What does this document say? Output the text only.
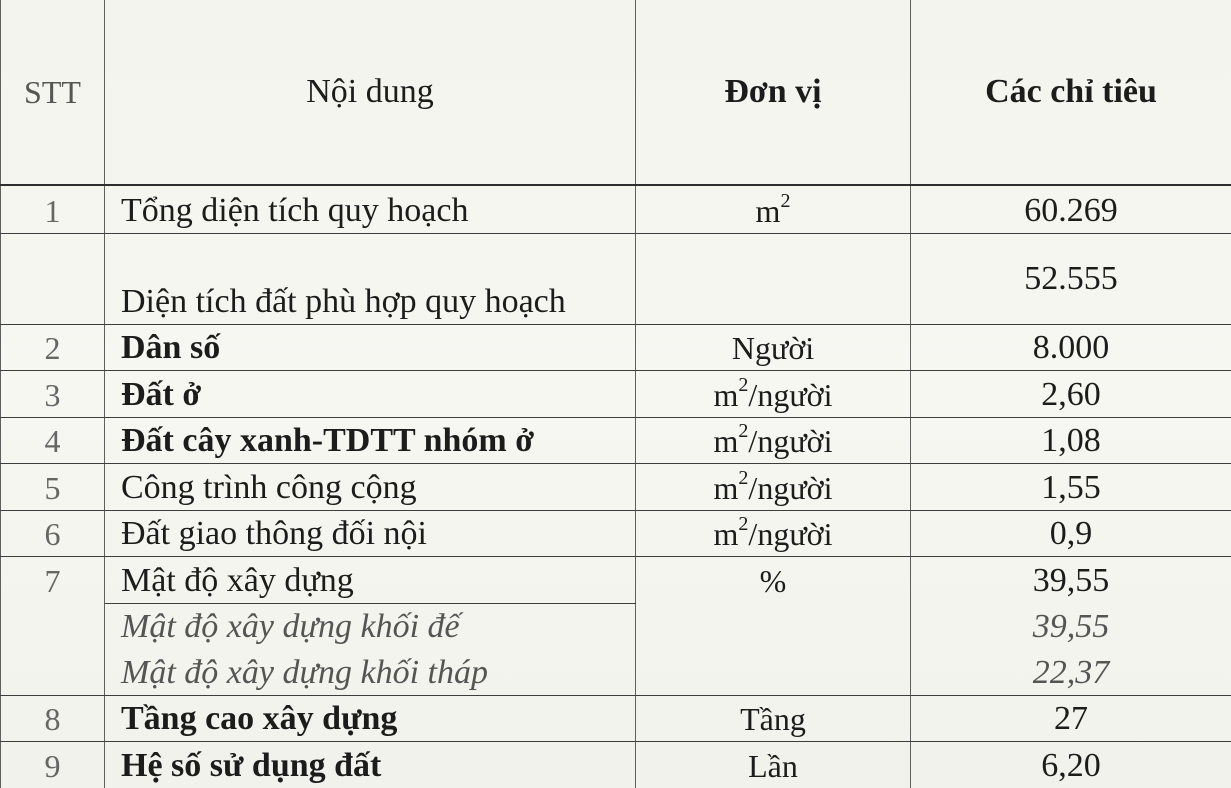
STT	Nội dung	Đơn vị	Các chỉ tiêu
1	Tổng diện tích quy hoạch	$m^2$	60.269
	Diện tích đất phù hợp quy hoạch		52.555
2	Dân số	Người	8.000
3	Đất ở	$m^2$/người	2,60
4	Đất cây xanh-TDTT nhóm ở	$m^2$/người	1,08
5	Công trình công cộng	$m^2$/người	1,55
6	Đất giao thông đối nội	$m^2$/người	0,9
7	Mật độ xây dựng	%	39,55
	Mật độ xây dựng khối đế		39,55
	Mật độ xây dựng khối tháp		22,37
8	Tầng cao xây dựng	Tầng	27
9	Hệ số sử dụng đất	Lần	6,20
